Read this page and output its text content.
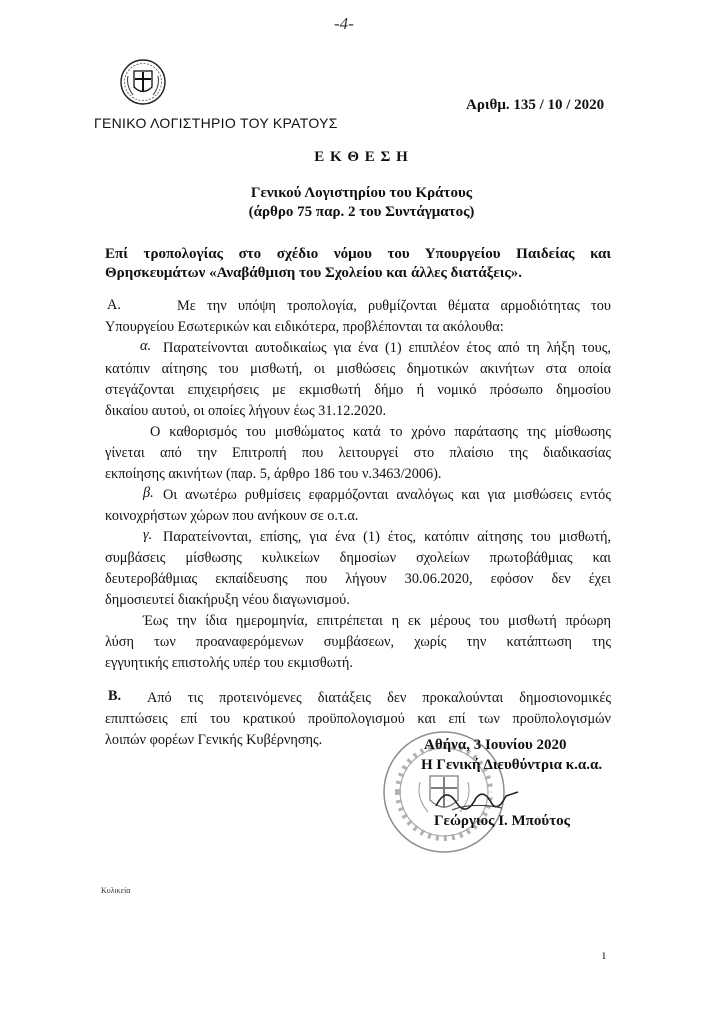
-4-
ΓΕΝΙΚΟ ΛΟΓΙΣΤΗΡΙΟ ΤΟΥ ΚΡΑΤΟΥΣ
Αριθμ. 135 / 10 / 2020
Ε Κ Θ Ε Σ Η
Γενικού Λογιστηρίου του Κράτους
(άρθρο 75 παρ. 2 του Συντάγματος)
Επί τροπολογίας στο σχέδιο νόμου του Υπουργείου Παιδείας και
Θρησκευμάτων «Αναβάθμιση του Σχολείου και άλλες διατάξεις».
Α.	Με την υπόψη τροπολογία, ρυθμίζονται θέματα αρμοδιότητας του
Υπουργείου Εσωτερικών και ειδικότερα, προβλέπονται τα ακόλουθα:
α. Παρατείνονται αυτοδικαίως για ένα (1) επιπλέον έτος από τη λήξη τους,
κατόπιν αίτησης του μισθωτή, οι μισθώσεις δημοτικών ακινήτων στα οποία
στεγάζονται επιχειρήσεις με εκμισθωτή δήμο ή νομικό πρόσωπο δημοσίου
δικαίου αυτού, οι οποίες λήγουν έως 31.12.2020.
Ο καθορισμός του μισθώματος κατά το χρόνο παράτασης της μίσθωσης
γίνεται από την Επιτροπή που λειτουργεί στο πλαίσιο της διαδικασίας
εκποίησης ακινήτων (παρ. 5, άρθρο 186 του ν.3463/2006).
β. Οι ανωτέρω ρυθμίσεις εφαρμόζονται αναλόγως και για μισθώσεις εντός
κοινοχρήστων χώρων που ανήκουν σε ο.τ.α.
γ. Παρατείνονται, επίσης, για ένα (1) έτος, κατόπιν αίτησης του μισθωτή,
συμβάσεις μίσθωσης κυλικείων δημοσίων σχολείων πρωτοβάθμιας και
δευτεροβάθμιας εκπαίδευσης που λήγουν 30.06.2020, εφόσον δεν έχει
δημοσιευτεί διακήρυξη νέου διαγωνισμού.
Έως την ίδια ημερομηνία, επιτρέπεται η εκ μέρους του μισθωτή πρόωρη
λύση των προαναφερόμενων συμβάσεων, χωρίς την κατάπτωση της
εγγυητικής επιστολής υπέρ του εκμισθωτή.
Β. Από τις προτεινόμενες διατάξεις δεν προκαλούνται δημοσιονομικές
επιπτώσεις επί του κρατικού προϋπολογισμού και επί των προϋπολογισμών
λοιπών φορέων Γενικής Κυβέρνησης.	Αθήνα, 3 Ιουνίου 2020
Η Γενική Διευθύντρια κ.α.α.
Γεώργιος Ι. Μπούτος
Κυλικεία
ı
